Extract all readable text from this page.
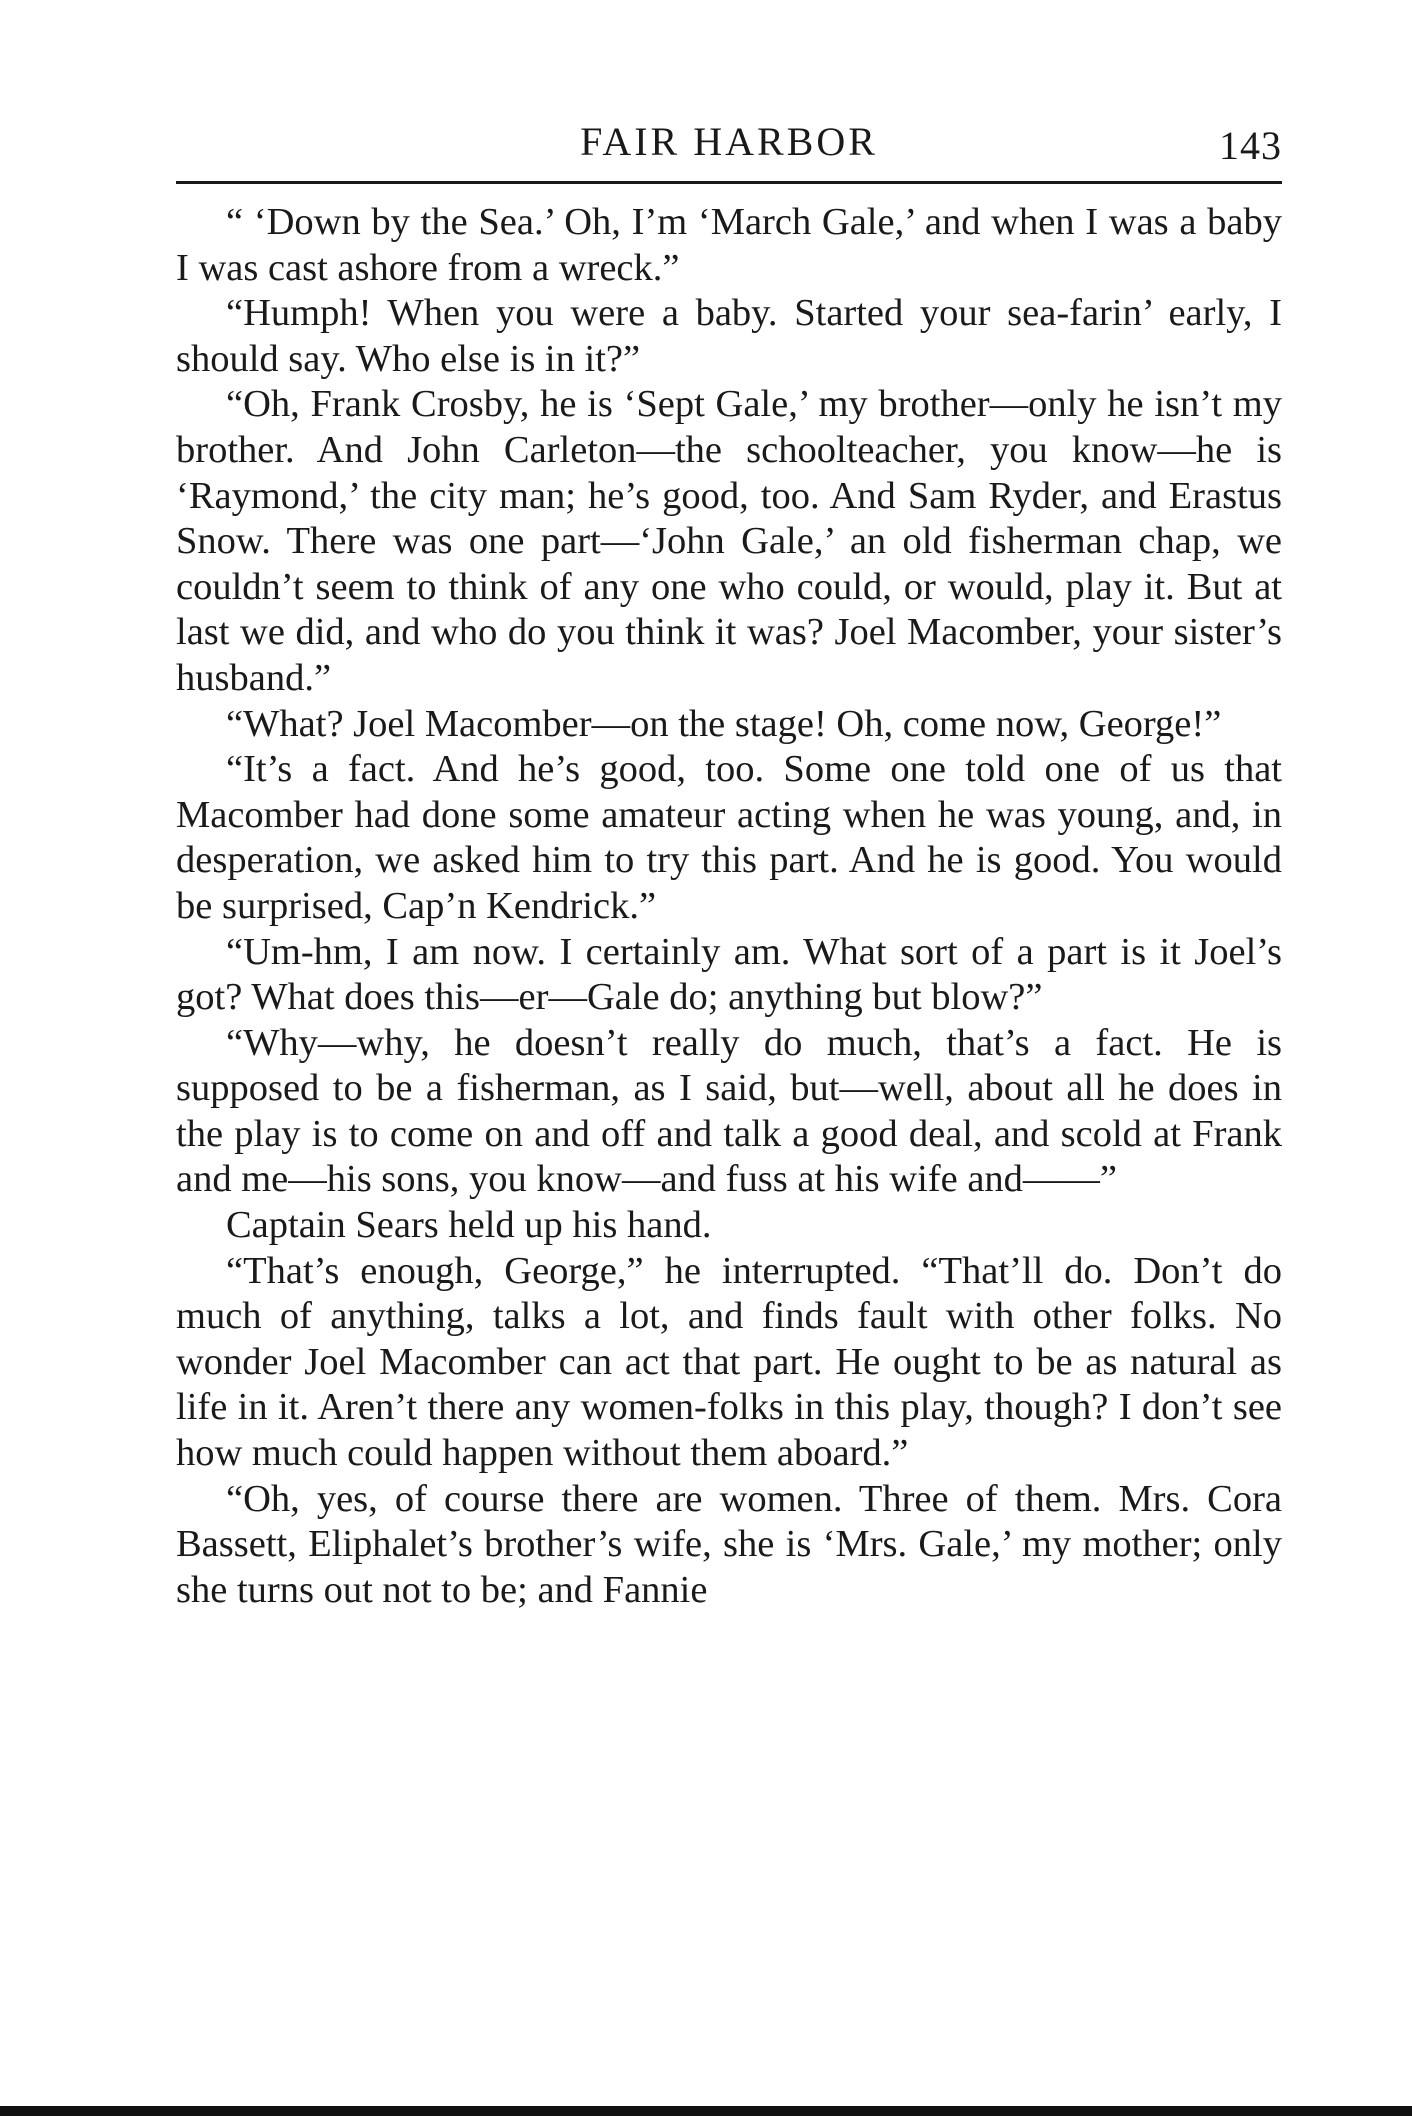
FAIR HARBOR	143

“ ‘Down by the Sea.’ Oh, I’m ‘March Gale,’ and when I was a baby I was cast ashore from a wreck.”

“Humph! When you were a baby. Started your sea-farin’ early, I should say. Who else is in it?”

“Oh, Frank Crosby, he is ‘Sept Gale,’ my brother—only he isn’t my brother. And John Carleton—the schoolteacher, you know—he is ‘Raymond,’ the city man; he’s good, too. And Sam Ryder, and Erastus Snow. There was one part—‘John Gale,’ an old fisherman chap, we couldn’t seem to think of any one who could, or would, play it. But at last we did, and who do you think it was? Joel Macomber, your sister’s husband.”

“What? Joel Macomber—on the stage! Oh, come now, George!”

“It’s a fact. And he’s good, too. Some one told one of us that Macomber had done some amateur acting when he was young, and, in desperation, we asked him to try this part. And he is good. You would be surprised, Cap’n Kendrick.”

“Um-hm, I am now. I certainly am. What sort of a part is it Joel’s got? What does this—er—Gale do; anything but blow?”

“Why—why, he doesn’t really do much, that’s a fact. He is supposed to be a fisherman, as I said, but—well, about all he does in the play is to come on and off and talk a good deal, and scold at Frank and me—his sons, you know—and fuss at his wife and——”

Captain Sears held up his hand.

“That’s enough, George,” he interrupted. “That’ll do. Don’t do much of anything, talks a lot, and finds fault with other folks. No wonder Joel Macomber can act that part. He ought to be as natural as life in it. Aren’t there any women-folks in this play, though? I don’t see how much could happen without them aboard.”

“Oh, yes, of course there are women. Three of them. Mrs. Cora Bassett, Eliphalet’s brother’s wife, she is ‘Mrs. Gale,’ my mother; only she turns out not to be; and Fannie
